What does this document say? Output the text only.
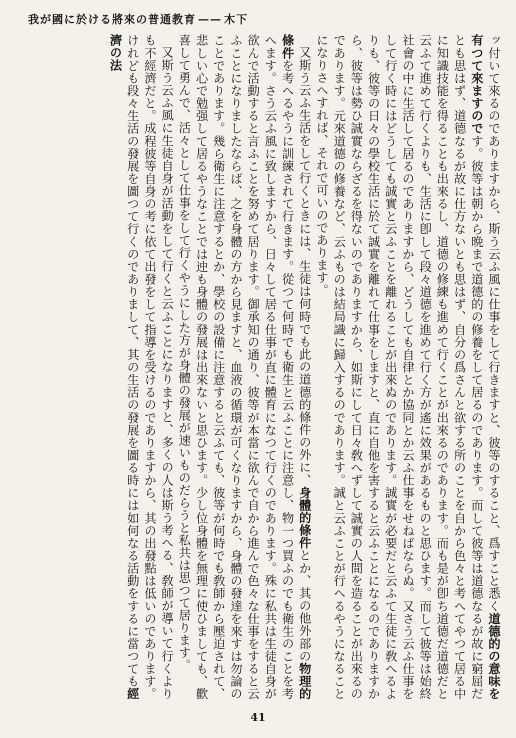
我が國に於ける將來の普通教育 —— 木下

ッ付いて來るのでありますから、斯う云ふ風に仕事をして行きますと、彼等のすること、爲すこと悉く道德的の意味を有つて來ますのです。彼等は朝から晩まで道德的の修養をして居るのであります。而して彼等は道德なるが故に窮屈だとも思はず、道德なるが故に仕方ないとも思はず、自分の爲さんと欲する所のことを自から色々と考へてやつて居る中に知識技能を得ることも出來るし、道德の修練も進めて行くことが出來るのであります。而も是が卽ち道德だ道德だと云ふて進めて行くよりも、生活に卽して段々道德を進めて行く方が遙に效果があるものと思ひます。而して彼等は始終社會の中に生活して居るのでありますから、どうしても自律とか協同とか云ふ仕事をせねばならぬ。又さう云ふ仕事をして行く時にはどうしても誠實と云ふことを離れることが出來ぬのであります。誠實が必要だと云ふて生徒に敎へるよりも、彼等の日々の學校生活に於て誠實を離れて仕事をしますと、直に自他を害すると云ふことになるのでありますから、彼等は勢ひ誠實ならざるを得ないのでありますから、如斯にして日々敎へずして誠實の人間を造ることが出來るのであります。元來道德の修養など、云ふものは結局識に歸入するのであります。誠と云ふことが行へるやうになることになりさへすれば、それで可いのであります。

又斯う云ふ生活をして行くときには、生徒は何時でも此の道德的條件の外に、身體的條件とか、其の他外部の物理的條件を考へるやうに訓練されて行きます。從つて何時でも衛生と云ふことに注意し、物一つ買ふのでも衛生のことを考へます。さう云ふ風に致しますから、日々して居る仕事が直に體育になつて行くのであります。殊に私共は生徒自身が欲んで活動すると言ふことを努めて居ります。御承知の通り、彼等が本當に欲んで自から進んで色々な仕事をすると云ふことになりましたならば、之を身體の方から見ますと、血液の循環が可くなりますから、身體の發達を來すは勿論のことであります。幾ら衛生に注意するとか、學校の設備に注意すると云ふても、彼等が何時でも敎師から壓迫されて、悲しい心で勉强して居るやうなことでは迚も身體の發展は出來ないと思ひます。少し位身體を無理に使ひましても、歡喜して勇んで、活々として仕事をして行くやうにした方が身體の發展が速いものだらうと私共は思つて居ります。

又斯う云ふ風に生徒自身が活動をして行くと云ふことになりますと、多くの人は斯う考へる、敎師が導いて行くよりも不經濟だと。成程彼等自身の考に依て出發をして指導を受けるのでありますから、其の出發點は低いのであります。けれども段々生活の發展を圖つて行くのでありまして、其の生活の發展を圖る時には如何なる活動をするに當つても經濟の法

41
